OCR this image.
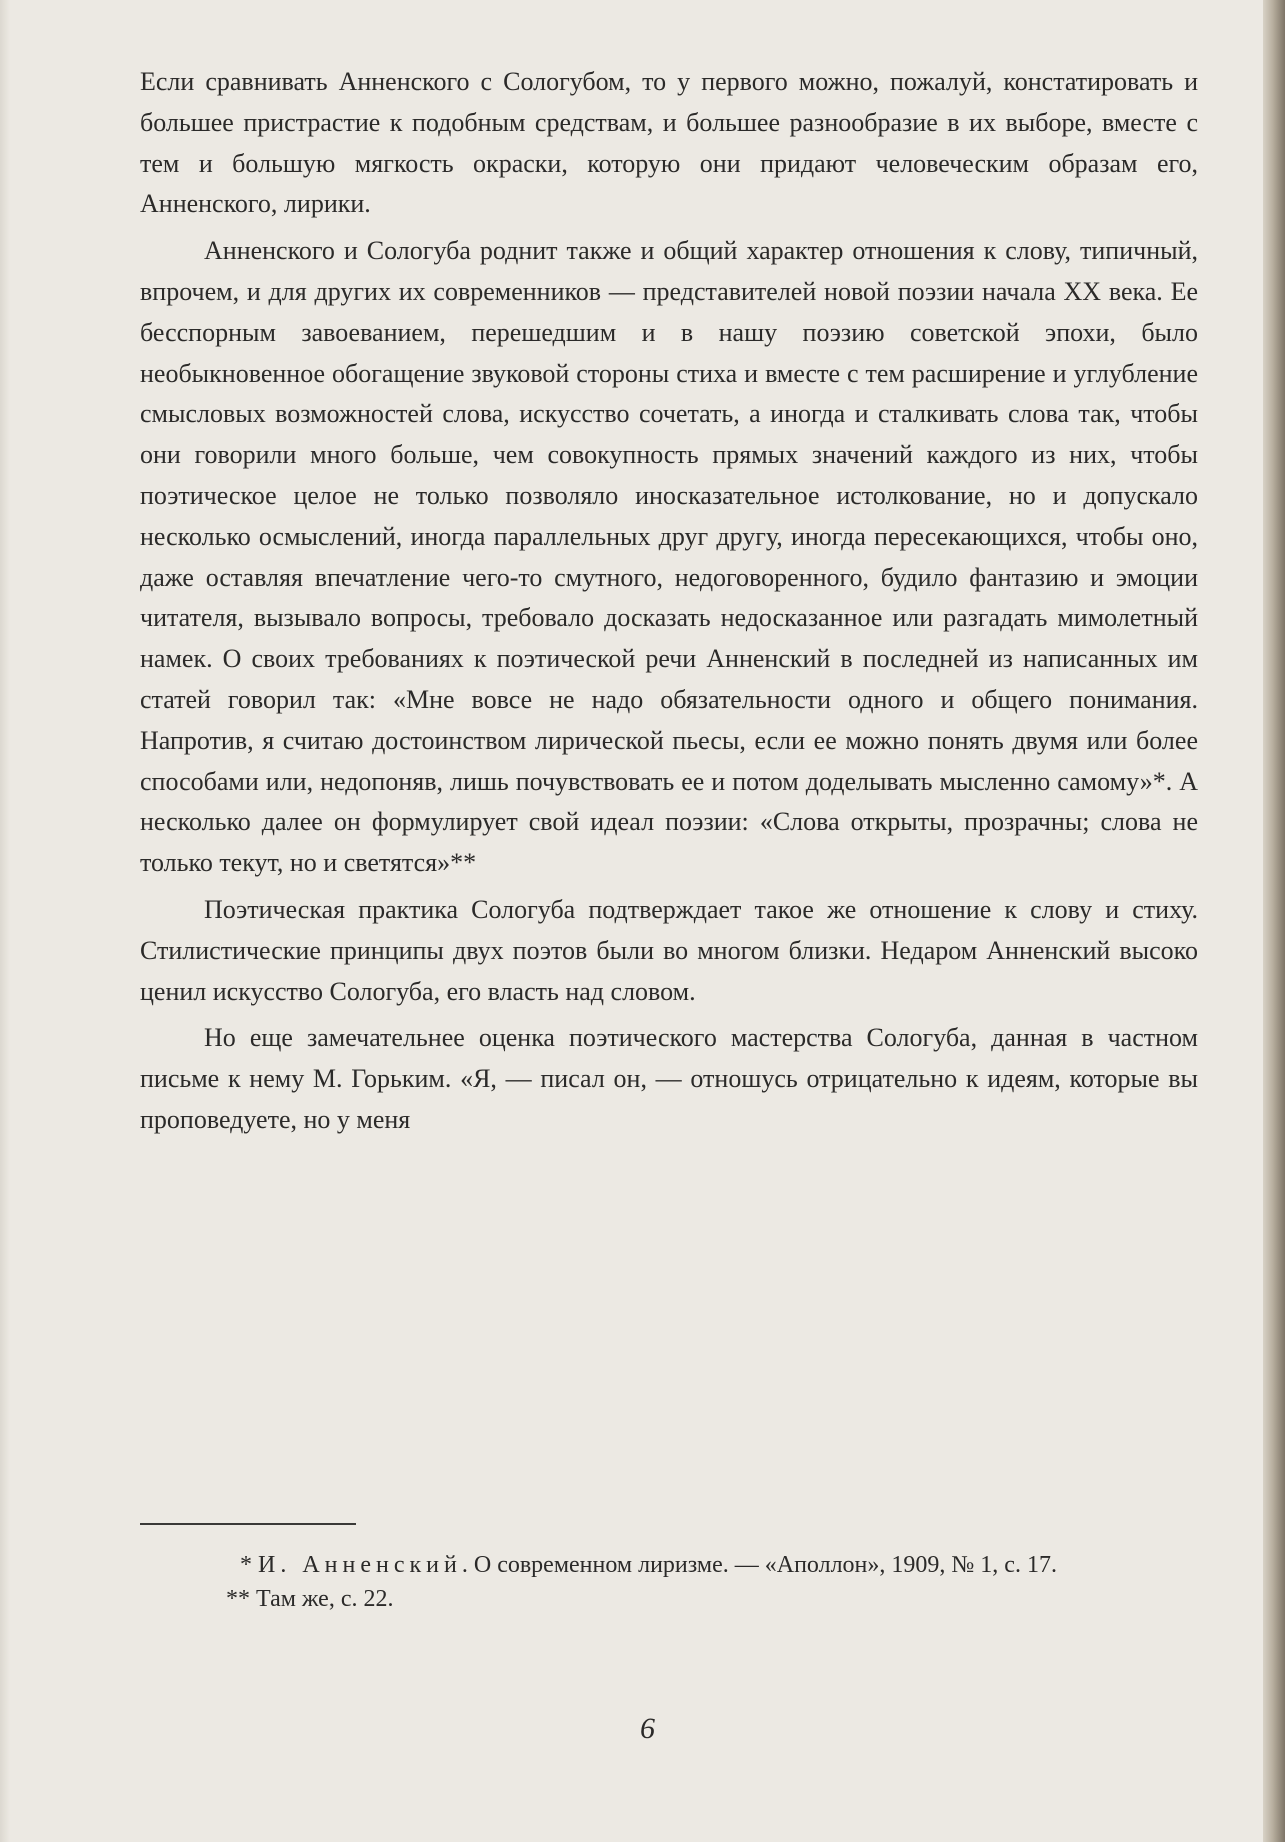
Если сравнивать Анненского с Сологубом, то у первого можно, пожалуй, констатировать и большее пристрастие к подобным средствам, и большее разнообразие в их выборе, вместе с тем и большую мягкость окраски, которую они придают человеческим образам его, Анненского, лирики.

Анненского и Сологуба роднит также и общий характер отношения к слову, типичный, впрочем, и для других их современников — представителей новой поэзии начала XX века. Ее бесспорным завоеванием, перешедшим и в нашу поэзию советской эпохи, было необыкновенное обогащение звуковой стороны стиха и вместе с тем расширение и углубление смысловых возможностей слова, искусство сочетать, а иногда и сталкивать слова так, чтобы они говорили много больше, чем совокупность прямых значений каждого из них, чтобы поэтическое целое не только позволяло иносказательное истолкование, но и допускало несколько осмыслений, иногда параллельных друг другу, иногда пересекающихся, чтобы оно, даже оставляя впечатление чего-то смутного, недоговоренного, будило фантазию и эмоции читателя, вызывало вопросы, требовало досказать недосказанное или разгадать мимолетный намек. О своих требованиях к поэтической речи Анненский в последней из написанных им статей говорил так: «Мне вовсе не надо обязательности одного и общего понимания. Напротив, я считаю достоинством лирической пьесы, если ее можно понять двумя или более способами или, недопоняв, лишь почувствовать ее и потом доделывать мысленно самому»*. А несколько далее он формулирует свой идеал поэзии: «Слова открыты, прозрачны; слова не только текут, но и светятся»**

Поэтическая практика Сологуба подтверждает такое же отношение к слову и стиху. Стилистические принципы двух поэтов были во многом близки. Недаром Анненский высоко ценил искусство Сологуба, его власть над словом.

Но еще замечательнее оценка поэтического мастерства Сологуба, данная в частном письме к нему М. Горьким. «Я, — писал он, — отношусь отрицательно к идеям, которые вы проповедуете, но у меня

* И. Анненский. О современном лиризме. — «Аполлон», 1909, № 1, с. 17.

** Там же, с. 22.

6
